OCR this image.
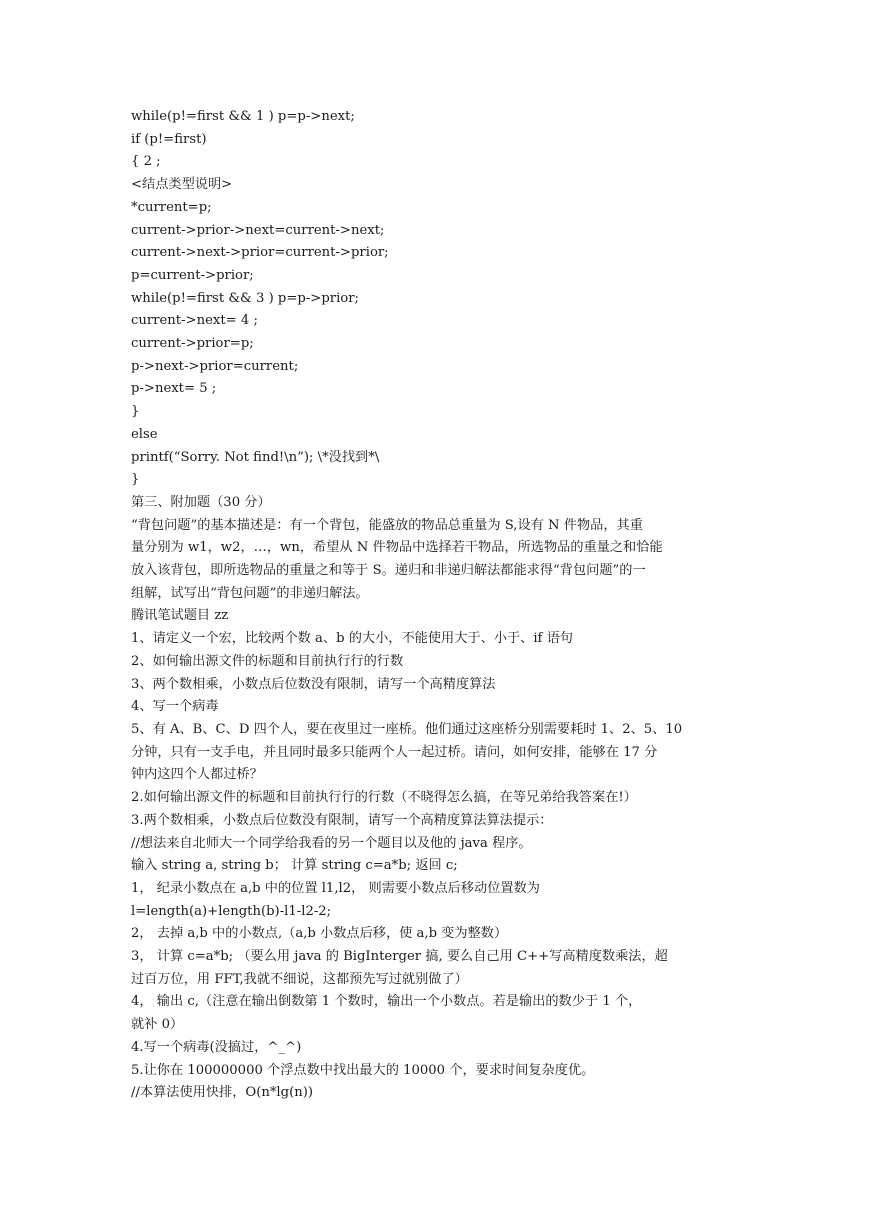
while(p!=first && 1 ) p=p->next;

if (p!=first)

{ 2 ;

<结点类型说明>

*current=p;

current->prior->next=current->next;

current->next->prior=current->prior;

p=current->prior;

while(p!=first && 3 ) p=p->prior;

current->next= 4 ;

current->prior=p;

p->next->prior=current;

p->next= 5 ;

}

else

printf(“Sorry. Not find!\n”); \*没找到*\

}

第三、附加题（30 分）

“背包问题”的基本描述是：有一个背包，能盛放的物品总重量为 S,设有 N 件物品，其重

量分别为 w1，w2，…，wn，希望从 N 件物品中选择若干物品，所选物品的重量之和恰能

放入该背包，即所选物品的重量之和等于 S。递归和非递归解法都能求得“背包问题”的一

组解，试写出“背包问题”的非递归解法。

腾讯笔试题目 zz

1、请定义一个宏，比较两个数 a、b 的大小，不能使用大于、小于、if 语句

2、如何输出源文件的标题和目前执行行的行数

3、两个数相乘，小数点后位数没有限制，请写一个高精度算法

4、写一个病毒

5、有 A、B、C、D 四个人，要在夜里过一座桥。他们通过这座桥分别需要耗时 1、2、5、10

分钟，只有一支手电，并且同时最多只能两个人一起过桥。请问，如何安排，能够在 17 分

钟内这四个人都过桥？

2.如何输出源文件的标题和目前执行行的行数（不晓得怎么搞，在等兄弟给我答案在!）

3.两个数相乘，小数点后位数没有限制，请写一个高精度算法算法提示：

//想法来自北师大一个同学给我看的另一个题目以及他的 java 程序。

输入 string a, string b； 计算 string c=a*b; 返回 c;

1， 纪录小数点在 a,b 中的位置 l1,l2， 则需要小数点后移动位置数为

l=length(a)+length(b)-l1-l2-2;

2， 去掉 a,b 中的小数点,（a,b 小数点后移，使 a,b 变为整数）

3， 计算 c=a*b; （要么用 java 的 BigInterger 搞, 要么自己用 C++写高精度数乘法，超

过百万位，用 FFT,我就不细说，这都预先写过就别做了）

4， 输出 c,（注意在输出倒数第 1 个数时，输出一个小数点。若是输出的数少于 1 个，

就补 0）

4.写一个病毒(没搞过，^_^)

5.让你在 100000000 个浮点数中找出最大的 10000 个，要求时间复杂度优。

//本算法使用快排，O(n*lg(n))
